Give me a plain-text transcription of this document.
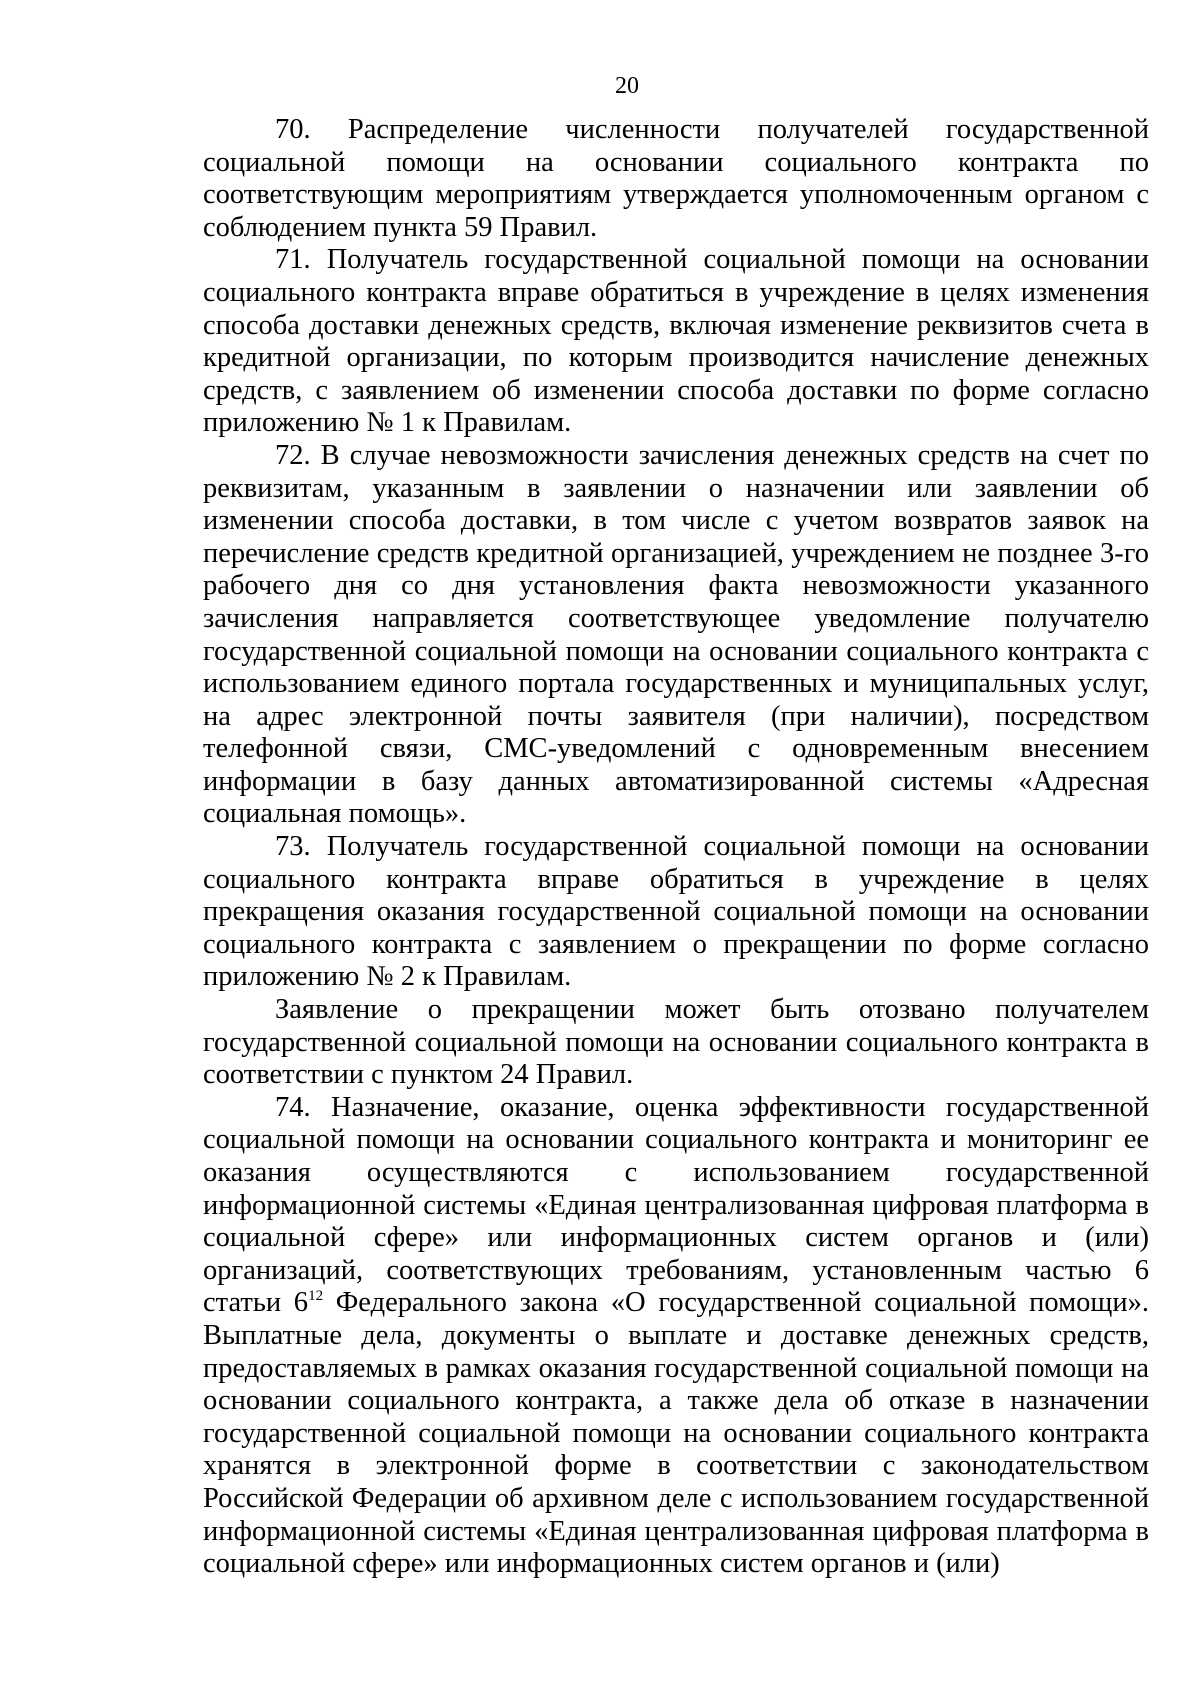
20

70. Распределение численности получателей государственной социальной помощи на основании социального контракта по соответствующим мероприятиям утверждается уполномоченным органом с соблюдением пункта 59 Правил.

71. Получатель государственной социальной помощи на основании социального контракта вправе обратиться в учреждение в целях изменения способа доставки денежных средств, включая изменение реквизитов счета в кредитной организации, по которым производится начисление денежных средств, с заявлением об изменении способа доставки по форме согласно приложению № 1 к Правилам.

72. В случае невозможности зачисления денежных средств на счет по реквизитам, указанным в заявлении о назначении или заявлении об изменении способа доставки, в том числе с учетом возвратов заявок на перечисление средств кредитной организацией, учреждением не позднее 3-го рабочего дня со дня установления факта невозможности указанного зачисления направляется соответствующее уведомление получателю государственной социальной помощи на основании социального контракта с использованием единого портала государственных и муниципальных услуг, на адрес электронной почты заявителя (при наличии), посредством телефонной связи, СМС-уведомлений с одновременным внесением информации в базу данных автоматизированной системы «Адресная социальная помощь».

73. Получатель государственной социальной помощи на основании социального контракта вправе обратиться в учреждение в целях прекращения оказания государственной социальной помощи на основании социального контракта с заявлением о прекращении по форме согласно приложению № 2 к Правилам.

Заявление о прекращении может быть отозвано получателем государственной социальной помощи на основании социального контракта в соответствии с пунктом 24 Правил.

74. Назначение, оказание, оценка эффективности государственной социальной помощи на основании социального контракта и мониторинг ее оказания осуществляются с использованием государственной информационной системы «Единая централизованная цифровая платформа в социальной сфере» или информационных систем органов и (или) организаций, соответствующих требованиям, установленным частью 6 статьи $6^{12}$ Федерального закона «О государственной социальной помощи». Выплатные дела, документы о выплате и доставке денежных средств, предоставляемых в рамках оказания государственной социальной помощи на основании социального контракта, а также дела об отказе в назначении государственной социальной помощи на основании социального контракта хранятся в электронной форме в соответствии с законодательством Российской Федерации об архивном деле с использованием государственной информационной системы «Единая централизованная цифровая платформа в социальной сфере» или информационных систем органов и (или)
